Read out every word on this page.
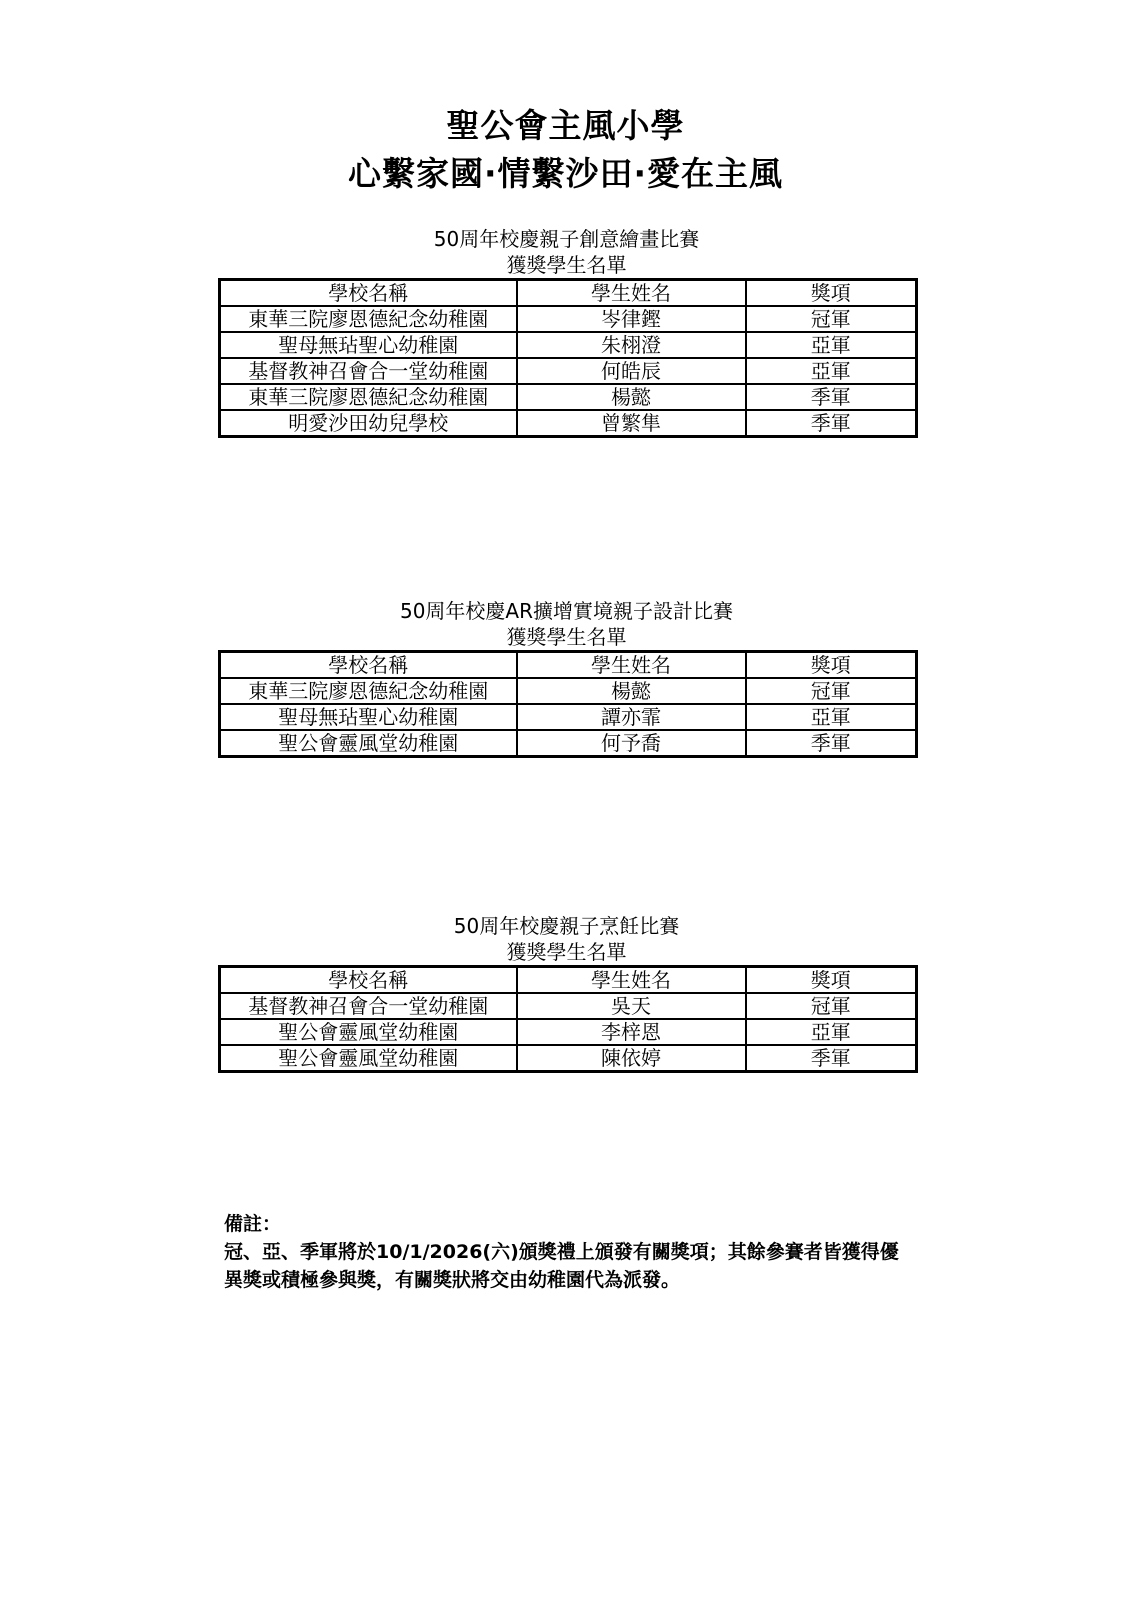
聖公會主風小學
心繫家國·情繫沙田·愛在主風
50周年校慶親子創意繪畫比賽
獲獎學生名單
學校名稱	學生姓名	獎項
東華三院廖恩德紀念幼稚園	岑律鏗	冠軍
聖母無玷聖心幼稚園	朱栩澄	亞軍
基督教神召會合一堂幼稚園	何皓辰	亞軍
東華三院廖恩德紀念幼稚園	楊懿	季軍
明愛沙田幼兒學校	曾繁隼	季軍
50周年校慶AR擴增實境親子設計比賽
獲獎學生名單
學校名稱	學生姓名	獎項
東華三院廖恩德紀念幼稚園	楊懿	冠軍
聖母無玷聖心幼稚園	譚亦霏	亞軍
聖公會靈風堂幼稚園	何予喬	季軍
50周年校慶親子烹飪比賽
獲獎學生名單
學校名稱	學生姓名	獎項
基督教神召會合一堂幼稚園	吳天	冠軍
聖公會靈風堂幼稚園	李梓恩	亞軍
聖公會靈風堂幼稚園	陳依婷	季軍
備註：
冠、亞、季軍將於10/1/2026(六)頒獎禮上頒發有關獎項；其餘參賽者皆獲得優異獎或積極參與獎，有關獎狀將交由幼稚園代為派發。
